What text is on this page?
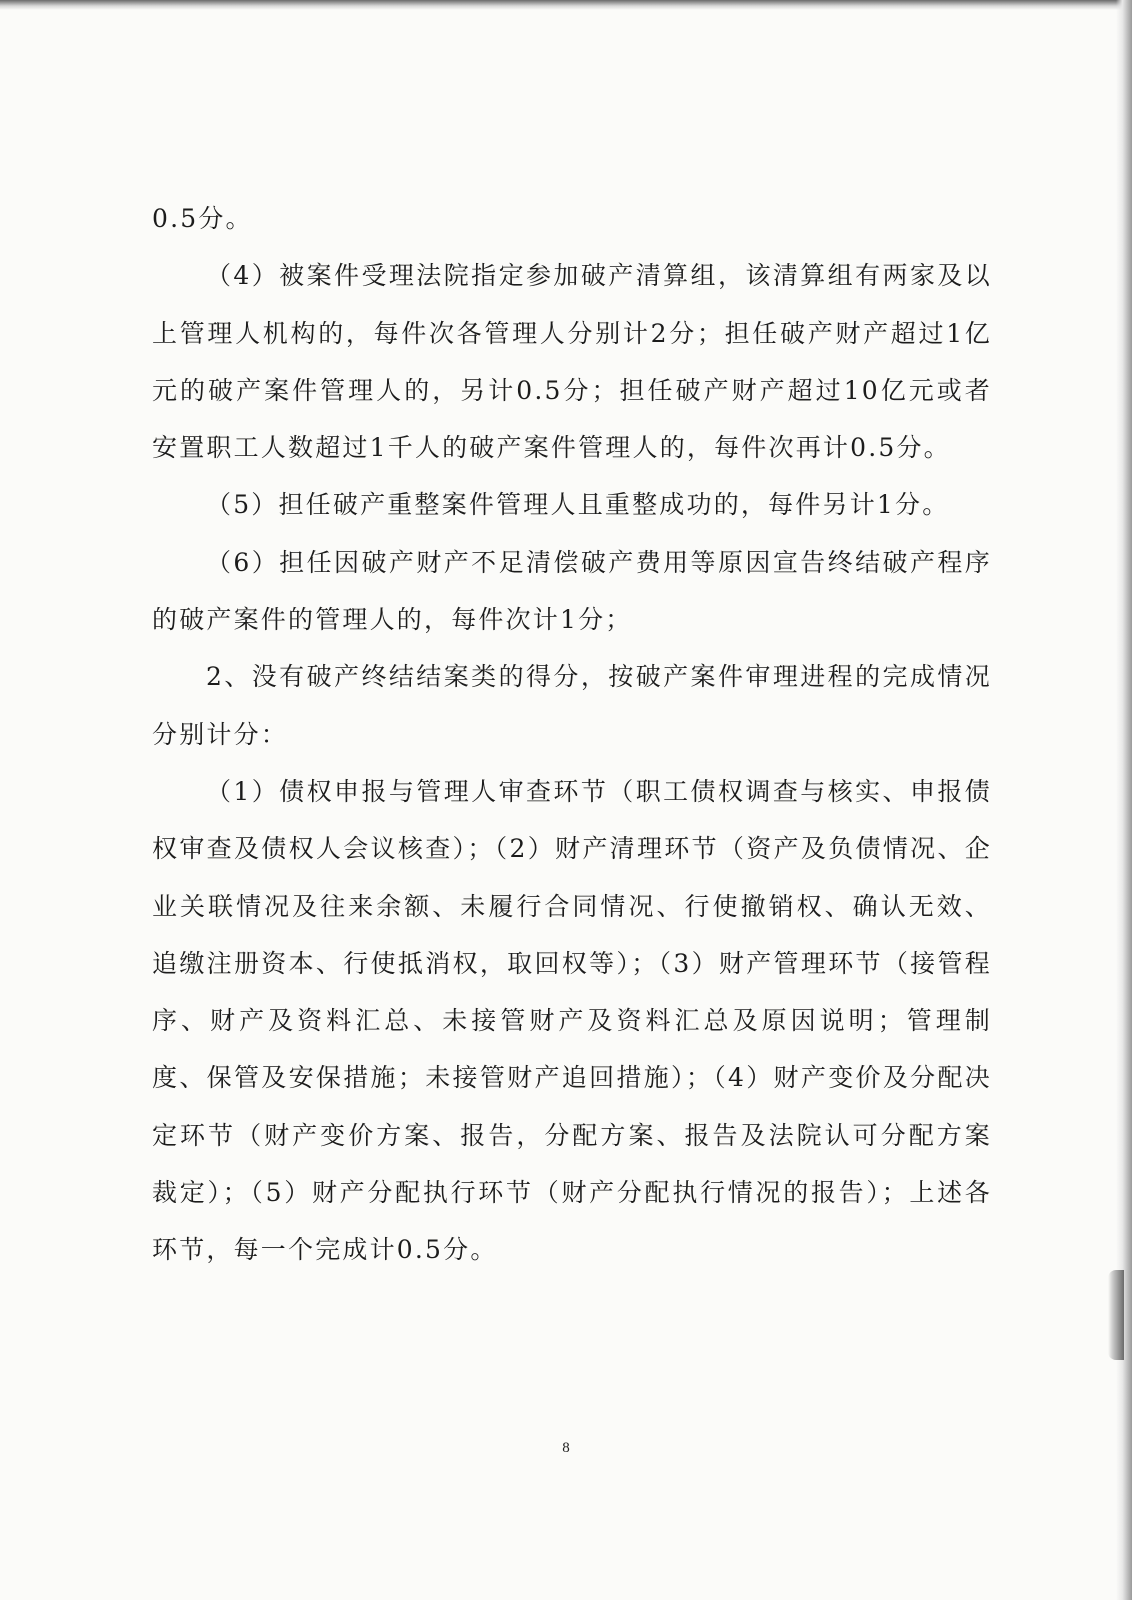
0.5分。

（4）被案件受理法院指定参加破产清算组，该清算组有两家及以上管理人机构的，每件次各管理人分别计2分；担任破产财产超过1亿元的破产案件管理人的，另计0.5分；担任破产财产超过10亿元或者安置职工人数超过1千人的破产案件管理人的，每件次再计0.5分。

（5）担任破产重整案件管理人且重整成功的，每件另计1分。

（6）担任因破产财产不足清偿破产费用等原因宣告终结破产程序的破产案件的管理人的，每件次计1分；

2、没有破产终结结案类的得分，按破产案件审理进程的完成情况分别计分：

（1）债权申报与管理人审查环节（职工债权调查与核实、申报债权审查及债权人会议核查）；（2）财产清理环节（资产及负债情况、企业关联情况及往来余额、未履行合同情况、行使撤销权、确认无效、追缴注册资本、行使抵消权，取回权等）；（3）财产管理环节（接管程序、财产及资料汇总、未接管财产及资料汇总及原因说明；管理制度、保管及安保措施；未接管财产追回措施）；（4）财产变价及分配决定环节（财产变价方案、报告，分配方案、报告及法院认可分配方案裁定）；（5）财产分配执行环节（财产分配执行情况的报告）；上述各环节，每一个完成计0.5分。

8
